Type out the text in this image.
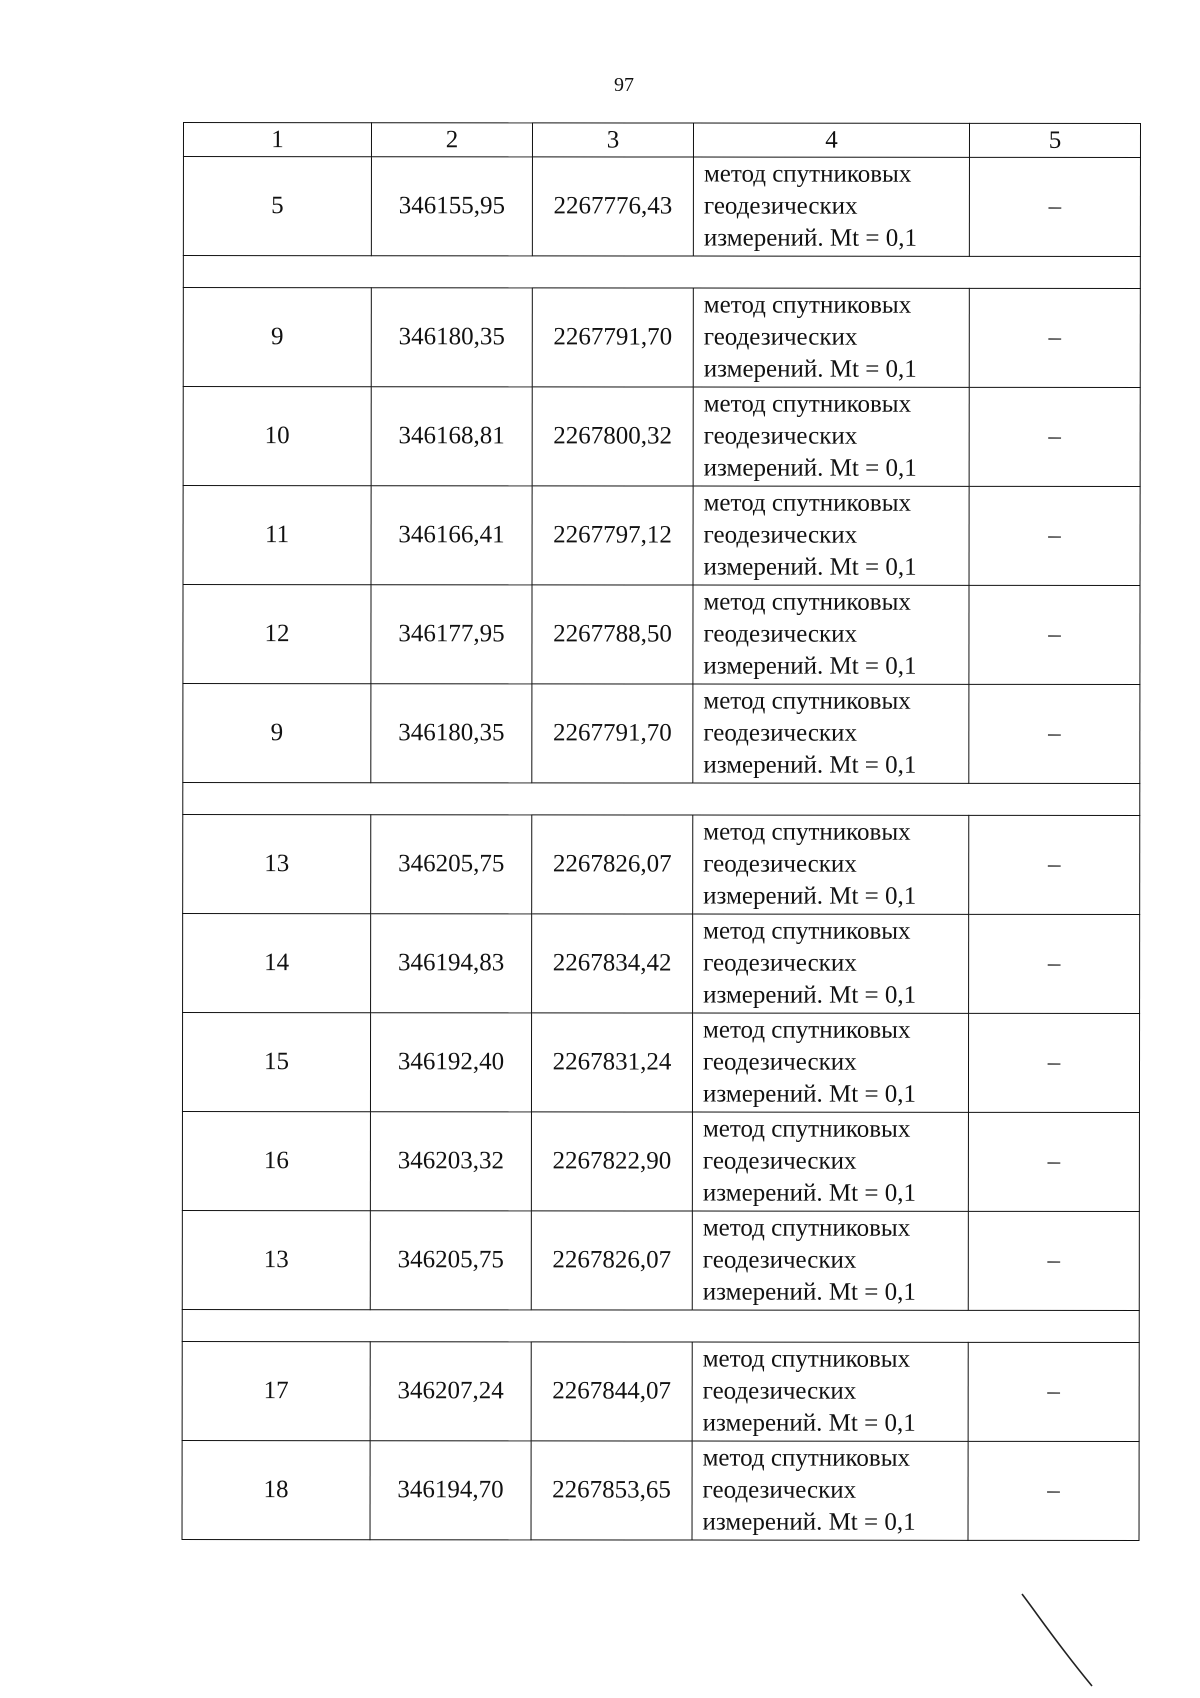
97
1	2	3	4	5
5	346155,95	2267776,43	метод спутниковых
геодезических
измерений. Mt = 0,1	–

9	346180,35	2267791,70	метод спутниковых
геодезических
измерений. Mt = 0,1	–
10	346168,81	2267800,32	метод спутниковых
геодезических
измерений. Mt = 0,1	–
11	346166,41	2267797,12	метод спутниковых
геодезических
измерений. Mt = 0,1	–
12	346177,95	2267788,50	метод спутниковых
геодезических
измерений. Mt = 0,1	–
9	346180,35	2267791,70	метод спутниковых
геодезических
измерений. Mt = 0,1	–

13	346205,75	2267826,07	метод спутниковых
геодезических
измерений. Mt = 0,1	–
14	346194,83	2267834,42	метод спутниковых
геодезических
измерений. Mt = 0,1	–
15	346192,40	2267831,24	метод спутниковых
геодезических
измерений. Mt = 0,1	–
16	346203,32	2267822,90	метод спутниковых
геодезических
измерений. Mt = 0,1	–
13	346205,75	2267826,07	метод спутниковых
геодезических
измерений. Mt = 0,1	–

17	346207,24	2267844,07	метод спутниковых
геодезических
измерений. Mt = 0,1	–
18	346194,70	2267853,65	метод спутниковых
геодезических
измерений. Mt = 0,1	–
